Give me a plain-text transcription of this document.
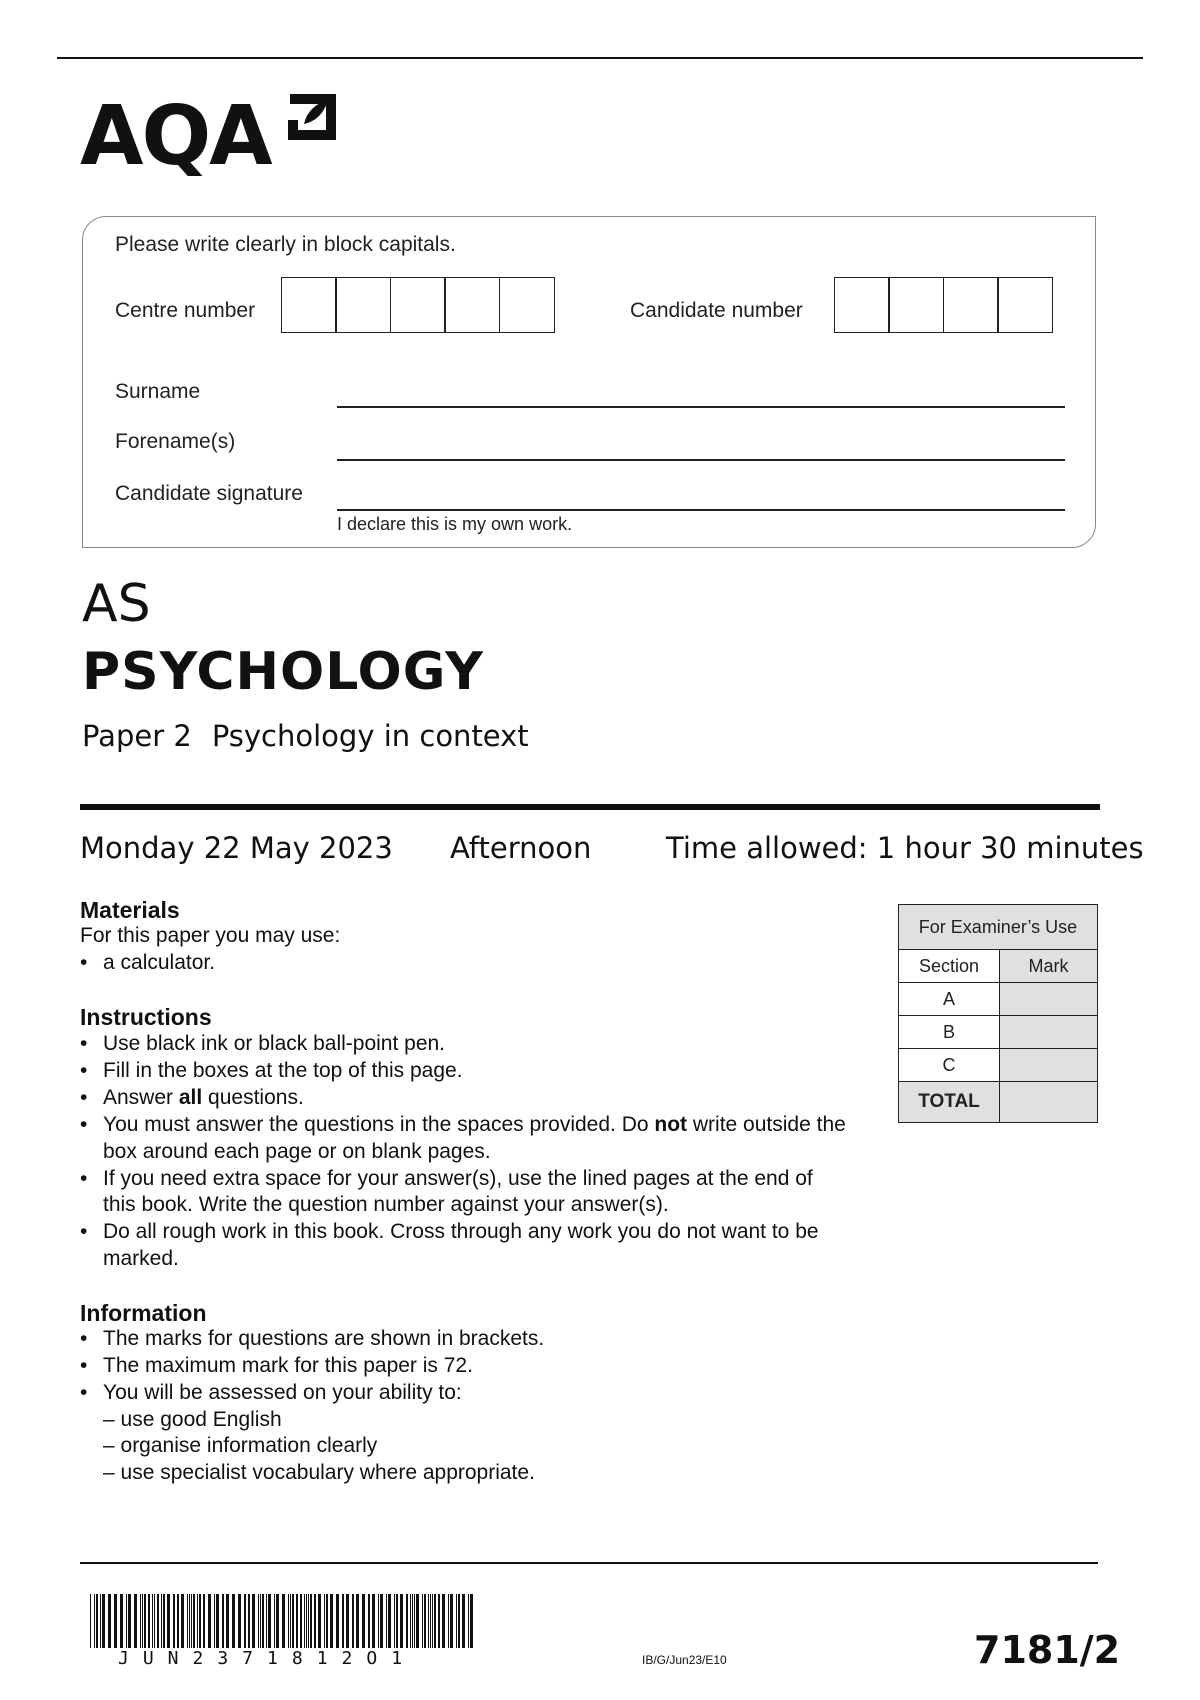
AQA
Please write clearly in block capitals.
Centre number	Candidate number
Surname
Forename(s)
Candidate signature
I declare this is my own work.
AS
PSYCHOLOGY
Paper 2 Psychology in context
Monday 22 May 2023 Afternoon	Time allowed: 1 hour 30 minutes
Materials
For this paper you may use:
• a calculator.
Instructions
• Use black ink or black ball-point pen.
• Fill in the boxes at the top of this page.
• Answer all questions.
• You must answer the questions in the spaces provided. Do not write outside the box around each page or on blank pages.
• If you need extra space for your answer(s), use the lined pages at the end of this book. Write the question number against your answer(s).
• Do all rough work in this book. Cross through any work you do not want to be marked.
Information
• The marks for questions are shown in brackets.
• The maximum mark for this paper is 72.
• You will be assessed on your ability to:
– use good English
– organise information clearly
– use specialist vocabulary where appropriate.
For Examiner’s Use	
Section	Mark
A	
B	
C	
TOTAL	
JUN2371812O1	IB/G/Jun23/E10	7181/2
